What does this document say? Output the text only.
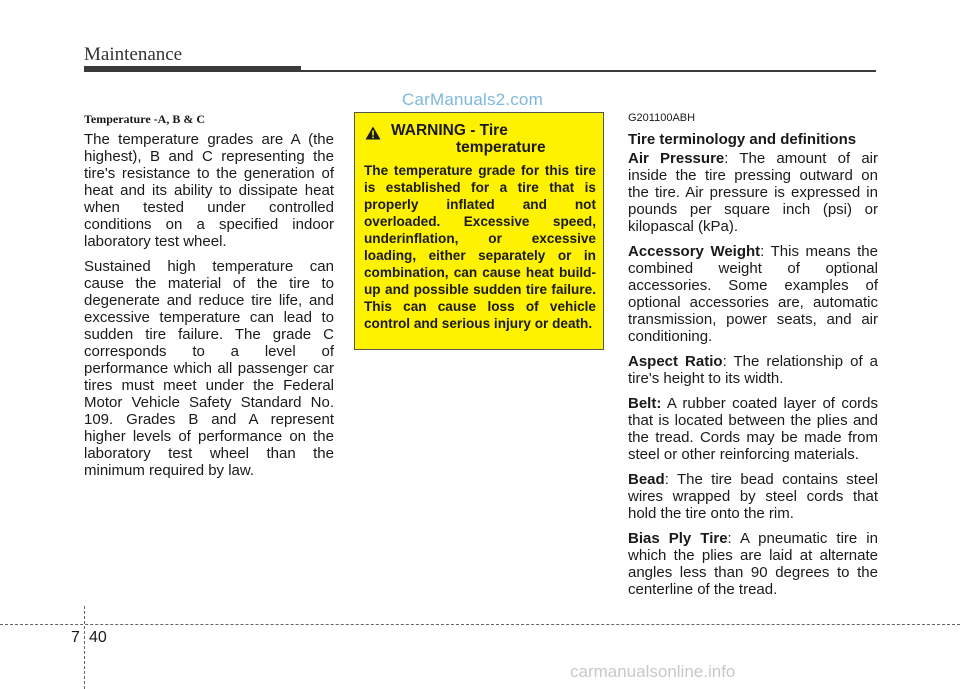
Maintenance
CarManuals2.com
Temperature -A, B & C

The temperature grades are A (the highest), B and C representing the tire's resistance to the generation of heat and its ability to dissipate heat when tested under controlled conditions on a specified indoor laboratory test wheel.

Sustained high temperature can cause the material of the tire to degenerate and reduce tire life, and excessive temperature can lead to sudden tire failure. The grade C corresponds to a level of performance which all passenger car tires must meet under the Federal Motor Vehicle Safety Standard No. 109. Grades B and A represent higher levels of performance on the laboratory test wheel than the minimum required by law.

WARNING - Tire
temperature
The temperature grade for this tire is established for a tire that is properly inflated and not overloaded. Excessive speed, underinflation, or excessive loading, either separately or in combination, can cause heat build-up and possible sudden tire failure. This can cause loss of vehicle control and serious injury or death.

G201100ABH

Tire terminology and definitions

Air Pressure: The amount of air inside the tire pressing outward on the tire. Air pressure is expressed in pounds per square inch (psi) or kilopascal (kPa).

Accessory Weight: This means the combined weight of optional accessories. Some examples of optional accessories are, automatic transmission, power seats, and air conditioning.

Aspect Ratio: The relationship of a tire's height to its width.

Belt: A rubber coated layer of cords that is located between the plies and the tread. Cords may be made from steel or other reinforcing materials.

Bead: The tire bead contains steel wires wrapped by steel cords that hold the tire onto the rim.

Bias Ply Tire: A pneumatic tire in which the plies are laid at alternate angles less than 90 degrees to the centerline of the tread.

7 40
carmanualsonline.info
